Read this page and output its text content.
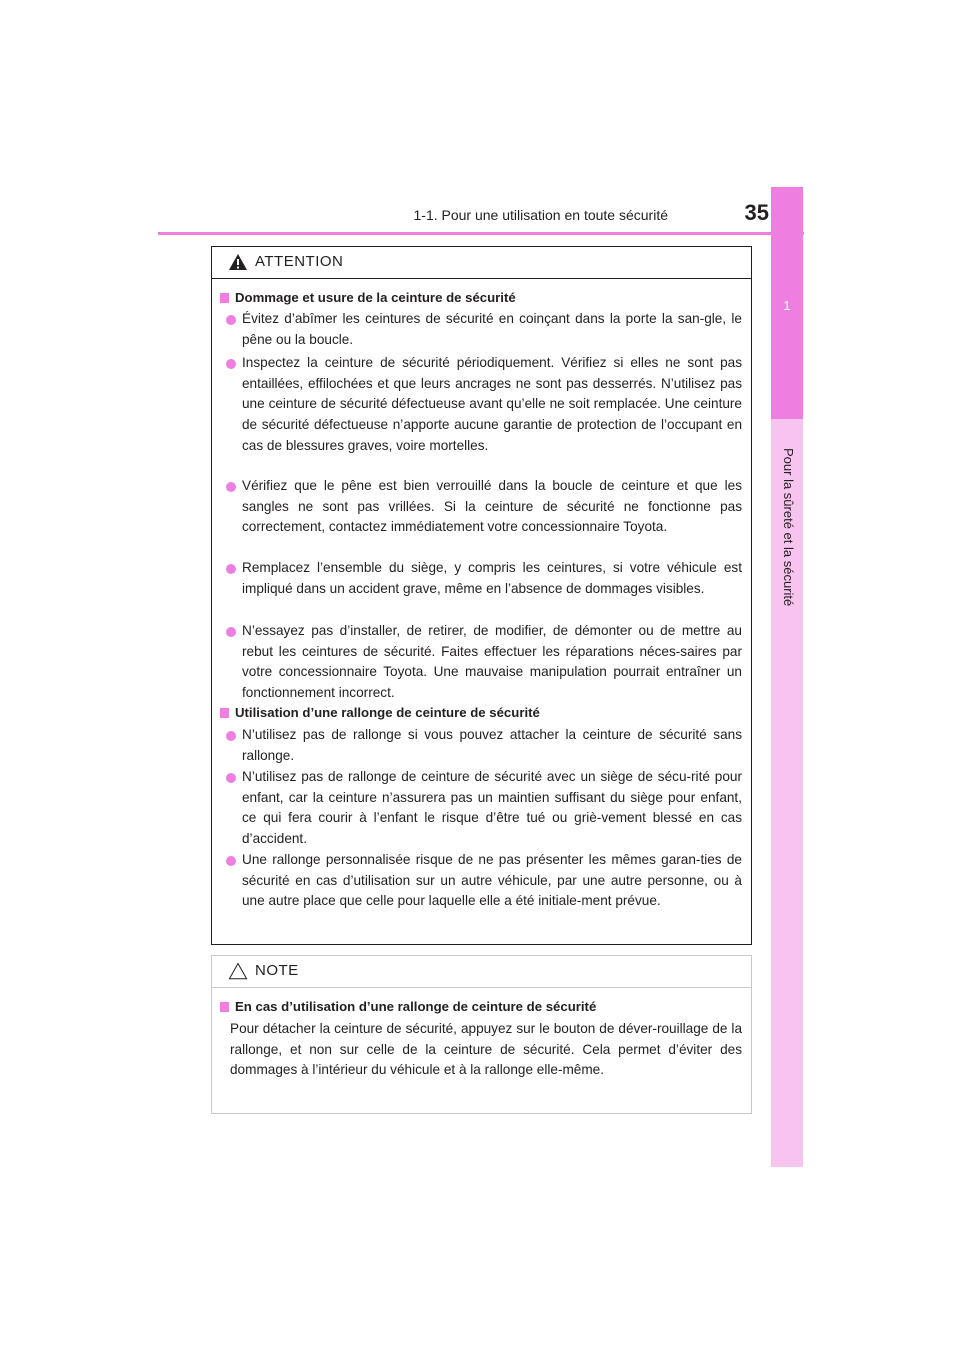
1
Pour la sûreté et la sécurité
1-1. Pour une utilisation en toute sécurité	35
ATTENTION
Dommage et usure de la ceinture de sécurité
Évitez d’abîmer les ceintures de sécurité en coinçant dans la porte la san-gle, le pêne ou la boucle.
Inspectez la ceinture de sécurité périodiquement. Vérifiez si elles ne sont pas entaillées, effilochées et que leurs ancrages ne sont pas desserrés. N’utilisez pas une ceinture de sécurité défectueuse avant qu’elle ne soit remplacée. Une ceinture de sécurité défectueuse n’apporte aucune garantie de protection de l’occupant en cas de blessures graves, voire mortelles.
Vérifiez que le pêne est bien verrouillé dans la boucle de ceinture et que les sangles ne sont pas vrillées. Si la ceinture de sécurité ne fonctionne pas correctement, contactez immédiatement votre concessionnaire Toyota.
Remplacez l’ensemble du siège, y compris les ceintures, si votre véhicule est impliqué dans un accident grave, même en l’absence de dommages visibles.
N’essayez pas d’installer, de retirer, de modifier, de démonter ou de mettre au rebut les ceintures de sécurité. Faites effectuer les réparations néces-saires par votre concessionnaire Toyota. Une mauvaise manipulation pourrait entraîner un fonctionnement incorrect.
Utilisation d’une rallonge de ceinture de sécurité
N’utilisez pas de rallonge si vous pouvez attacher la ceinture de sécurité sans rallonge.
N’utilisez pas de rallonge de ceinture de sécurité avec un siège de sécu-rité pour enfant, car la ceinture n’assurera pas un maintien suffisant du siège pour enfant, ce qui fera courir à l’enfant le risque d’être tué ou griè-vement blessé en cas d’accident.
Une rallonge personnalisée risque de ne pas présenter les mêmes garan-ties de sécurité en cas d’utilisation sur un autre véhicule, par une autre personne, ou à une autre place que celle pour laquelle elle a été initiale-ment prévue.
NOTE
En cas d’utilisation d’une rallonge de ceinture de sécurité
Pour détacher la ceinture de sécurité, appuyez sur le bouton de déver-rouillage de la rallonge, et non sur celle de la ceinture de sécurité. Cela permet d’éviter des dommages à l’intérieur du véhicule et à la rallonge elle-même.
